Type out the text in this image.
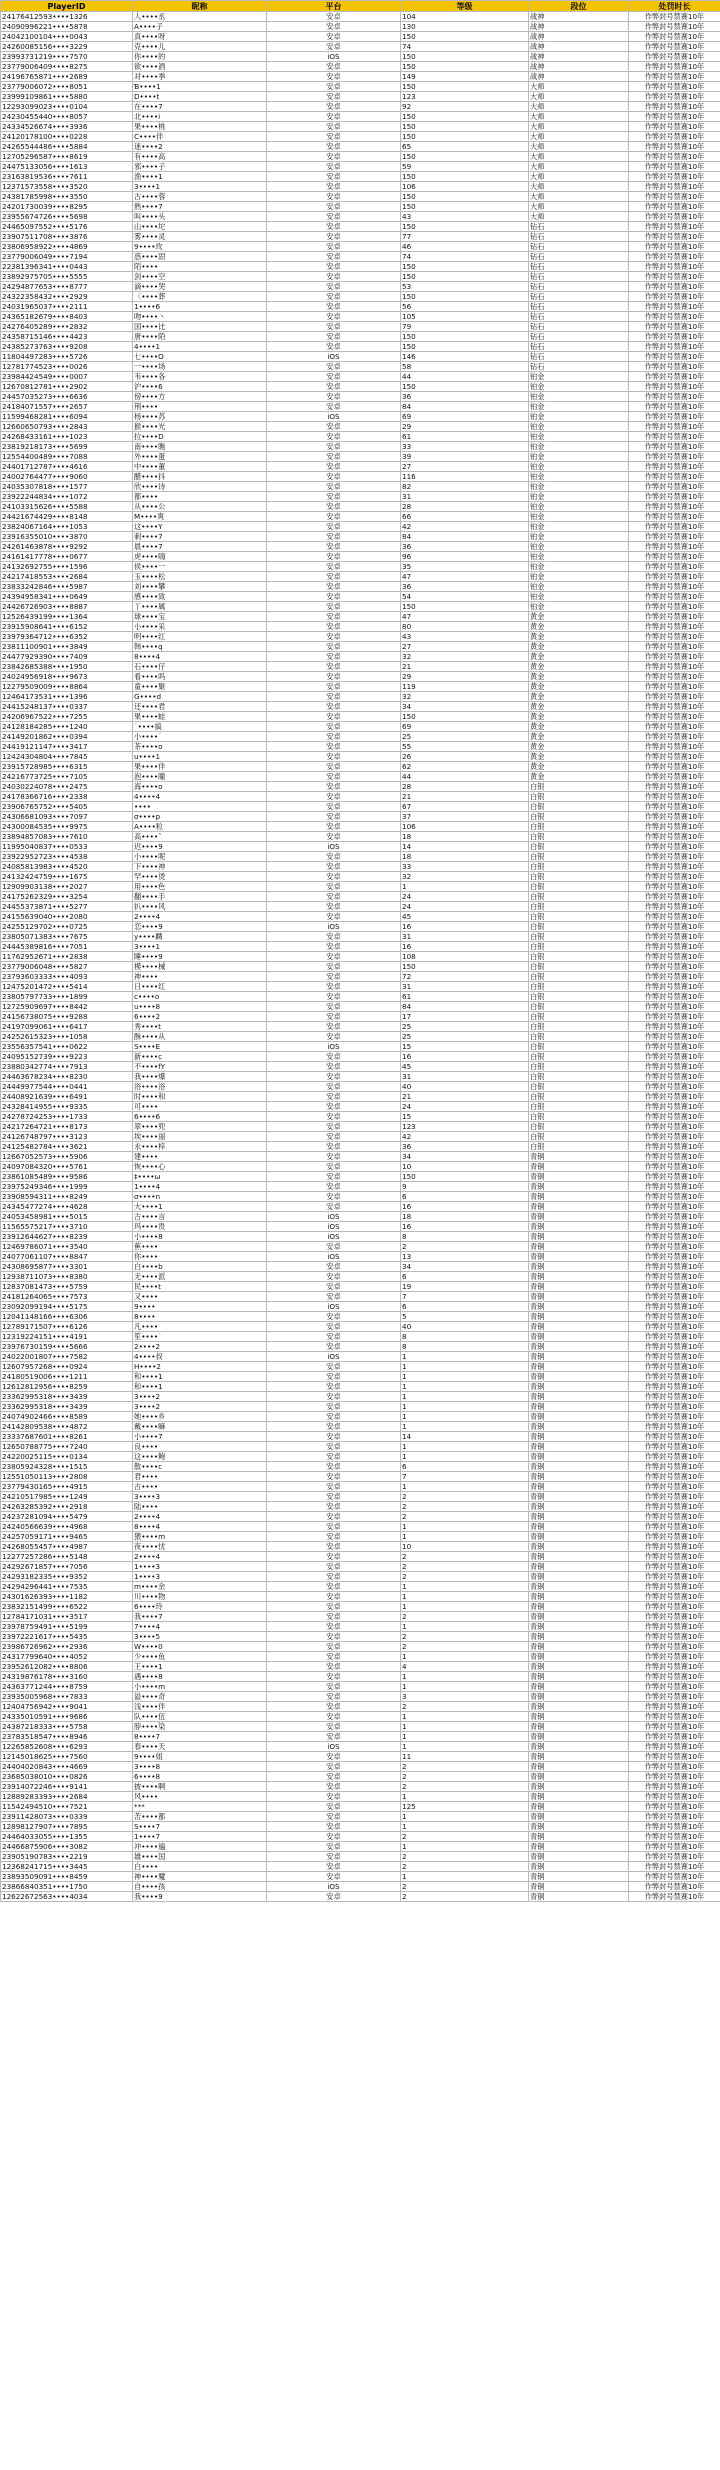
PlayerID	昵称	平台	等级	段位	处罚时长
2417641259​3••••1326	人••••丞	安卓	104	战神	作弊封号禁赛10年
2409099622​1••••5878	A••••子	安卓	130	战神	作弊封号禁赛10年
2404210010​4••••0043	真••••呀	安卓	150	战神	作弊封号禁赛10年
2426008515​6••••3229	克••••儿	安卓	74	战神	作弊封号禁赛10年
2399373121​9••••7570	你••••的	iOS	150	战神	作弊封号禁赛10年
2377900640​9••••8275	欲••••酒	安卓	150	战神	作弊封号禁赛10年
2419676587​1••••2689	对••••季	安卓	149	战神	作弊封号禁赛10年
2377900607​2••••8051	Ɓ••••1	安卓	150	大师	作弊封号禁赛10年
2399910986​1••••5880	D••••t	安卓	123	大师	作弊封号禁赛10年
1229309902​3••••0104	在••••7	安卓	92	大师	作弊封号禁赛10年
2423045544​0••••8057	北••••i	安卓	150	大师	作弊封号禁赛10年
2433452667​4••••3936	果••••桃	安卓	150	大师	作弊封号禁赛10年
2412017810​0••••0228	C••••伴	安卓	150	大师	作弊封号禁赛10年
2426554448​6••••5884	迷••••2	安卓	65	大师	作弊封号禁赛10年
1270529658​7••••8619	有••••高	安卓	150	大师	作弊封号禁赛10年
2447513305​6••••1613	邪••••子	安卓	59	大师	作弊封号禁赛10年
2316381953​6••••7611	渔••••1	安卓	150	大师	作弊封号禁赛10年
1237157355​8••••3520	3••••1	安卓	106	大师	作弊封号禁赛10年
2438178599​8••••3550	古••••蓉	安卓	150	大师	作弊封号禁赛10年
2420173003​9••••8295	熟••••7	安卓	150	大师	作弊封号禁赛10年
2395567472​6••••5698	叫••••头	安卓	43	大师	作弊封号禁赛10年
2446509755​2••••5176	山••••坨	安卓	150	钻石	作弊封号禁赛10年
2390751170​8••••3876	雾••••灵	安卓	77	钻石	作弊封号禁赛10年
2380695892​2••••4869	9••••玫	安卓	46	钻石	作弊封号禁赛10年
2377900604​9••••7194	惑••••固	安卓	74	钻石	作弊封号禁赛10年
2238139634​1••••0443	陌••••	安卓	150	钻石	作弊封号禁赛10年
2389297570​5••••5555	剑••••空	安卓	150	钻石	作弊封号禁赛10年
2429487765​3••••8777	滴••••哭	安卓	53	钻石	作弊封号禁赛10年
2432235843​2••••2929	〈••••葬	安卓	150	钻石	作弊封号禁赛10年
2403196503​7••••2111	1••••6	安卓	56	钻石	作弊封号禁赛10年
2436518267​9••••8403	吻••••丶	安卓	105	钻石	作弊封号禁赛10年
2427640528​9••••2832	国••••比	安卓	79	钻石	作弊封号禁赛10年
2435871514​6••••4423	唐••••陌	安卓	150	钻石	作弊封号禁赛10年
2438527376​3••••9208	4••••1	安卓	150	钻石	作弊封号禁赛10年
1180449728​3••••5726	七••••O	iOS	146	钻石	作弊封号禁赛10年
1278177452​3••••0026	一••••场	安卓	58	钻石	作弊封号禁赛10年
2398442454​9••••0007	韦••••各	安卓	44	铂金	作弊封号禁赛10年
1267081278​1••••2902	沪••••6	安卓	150	铂金	作弊封号禁赛10年
2445703527​3••••6636	傍••••方	安卓	36	铂金	作弊封号禁赛10年
2418407155​7••••2657	荆••••	安卓	84	铂金	作弊封号禁赛10年
1159946828​1••••6094	杨••••苏	iOS	69	铂金	作弊封号禁赛10年
1266065079​3••••2843	猴••••光	安卓	29	铂金	作弊封号禁赛10年
2426843316​1••••1023	拉••••D	安卓	61	铂金	作弊封号禁赛10年
2381921817​3••••5699	南••••瞧	安卓	33	铂金	作弊封号禁赛10年
1255440048​9••••7088	外••••蛋	安卓	39	铂金	作弊封号禁赛10年
2440171278​7••••4616	中••••董	安卓	27	铂金	作弊封号禁赛10年
2400276447​7••••9060	醋••••抖	安卓	116	铂金	作弊封号禁赛10年
2403530781​8••••1577	欣••••诗	安卓	82	铂金	作弊封号禁赛10年
2392224483​4••••1072	都••••	安卓	31	铂金	作弊封号禁赛10年
2410331562​6••••5588	从••••公	安卓	28	铂金	作弊封号禁赛10年
2442167442​9••••8148	M••••爽	安卓	66	铂金	作弊封号禁赛10年
2382406716​4••••1053	这••••Y	安卓	42	铂金	作弊封号禁赛10年
2391635501​0••••3870	刺••••7	安卓	84	铂金	作弊封号禁赛10年
2426146387​8••••9292	晨••••7	安卓	36	铂金	作弊封号禁赛10年
2416141777​8••••0677	虎••••嗨	安卓	96	铂金	作弊封号禁赛10年
2413269275​5••••1596	侯••••一	安卓	35	铂金	作弊封号禁赛10年
2421741855​3••••2684	玉••••松	安卓	47	铂金	作弊封号禁赛10年
2383324284​6••••5987	刘••••攀	安卓	36	铂金	作弊封号禁赛10年
2439495834​1••••0649	感••••致	安卓	54	铂金	作弊封号禁赛10年
2442672690​3••••8887	丫••••属	安卓	150	铂金	作弊封号禁赛10年
1252643919​9••••1364	球••••宝	安卓	47	黄金	作弊封号禁赛10年
2391590864​1••••6152	小••••采	安卓	80	黄金	作弊封号禁赛10年
2397936471​2••••6352	明••••红	安卓	43	黄金	作弊封号禁赛10年
2381110090​1••••3849	韩••••q	安卓	27	黄金	作弊封号禁赛10年
2447792939​0••••7409	8••••4	安卓	32	黄金	作弊封号禁赛10年
2384268538​8••••1950	石••••仔	安卓	21	黄金	作弊封号禁赛10年
2402495691​8••••9673	看••••吗	安卓	29	黄金	作弊封号禁赛10年
1227950900​9••••8864	童••••聚	安卓	119	黄金	作弊封号禁赛10年
1246417353​1••••1396	G••••d	安卓	32	黄金	作弊封号禁赛10年
2441524813​7••••0337	还••••君	安卓	34	黄金	作弊封号禁赛10年
2420696752​2••••7255	果••••蛙	安卓	150	黄金	作弊封号禁赛10年
2412818428​5••••1240	˙••••搞	安卓	69	黄金	作弊封号禁赛10年
2414920186​2••••0394	小••••˙	安卓	25	黄金	作弊封号禁赛10年
2441912114​7••••3417	茶••••o	安卓	55	黄金	作弊封号禁赛10年
1242430480​4••••7845	u••••1	安卓	26	黄金	作弊封号禁赛10年
2391572898​5••••6315	果••••伴	安卓	62	黄金	作弊封号禁赛10年
2421677372​5••••7105	泡••••瞳	安卓	44	黄金	作弊封号禁赛10年
2403022407​8••••2475	海••••o	安卓	28	白银	作弊封号禁赛10年
2417836671​6••••2338	4••••4	安卓	21	白银	作弊封号禁赛10年
2390676575​2••••5405	••••	安卓	67	白银	作弊封号禁赛10年
2430668109​3••••7097	σ••••p	安卓	37	白银	作弊封号禁赛10年
2430008453​5••••9975	A••••粒	安卓	106	白银	作弊封号禁赛10年
2389485708​3••••7610	高••••ˇ	安卓	18	白银	作弊封号禁赛10年
1199504083​7••••0533	迟••••9	iOS	14	白银	作弊封号禁赛10年
2392295272​3••••4538	小••••呢	安卓	18	白银	作弊封号禁赛10年
2408581398​3••••4520	下••••神	安卓	33	白银	作弊封号禁赛10年
2413242475​9••••1675	罕••••烫	安卓	32	白银	作弊封号禁赛10年
1290990313​8••••2027	用••••色	安卓	1	白银	作弊封号禁赛10年
2417526232​9••••3254	翻••••手	安卓	24	白银	作弊封号禁赛10年
2445537387​1••••5277	扒••••风	安卓	24	白银	作弊封号禁赛10年
2415563904​0••••2080	2••••4	安卓	45	白银	作弊封号禁赛10年
2425512970​2••••0725	恋••••9	iOS	16	白银	作弊封号禁赛10年
2380507138​3••••7675	y••••麟	安卓	31	白银	作弊封号禁赛10年
2444538981​6••••7051	3••••1	安卓	16	白银	作弊封号禁赛10年
1176295267​1••••2838	睡••••9	安卓	108	白银	作弊封号禁赛10年
2377900604​8••••5827	模••••械	安卓	150	白银	作弊封号禁赛10年
2379360333​3••••4093	神••••	安卓	72	白银	作弊封号禁赛10年
1247520147​2••••5414	日••••红	安卓	31	白银	作弊封号禁赛10年
2380579773​3••••1899	c••••o	安卓	61	白银	作弊封号禁赛10年
1272590969​7••••8442	u••••8	安卓	84	白银	作弊封号禁赛10年
2415673807​5••••9288	6••••2	安卓	17	白银	作弊封号禁赛10年
2419709906​1••••6417	秀••••t	安卓	25	白银	作弊封号禁赛10年
2425261532​3••••1058	酥••••从	安卓	25	白银	作弊封号禁赛10年
2355635754​1••••0622	S••••E	iOS	15	白银	作弊封号禁赛10年
2409515273​9••••9223	新••••c	安卓	16	白银	作弊封号禁赛10年
2388034277​4••••7913	不••••fY	安卓	45	白银	作弊封号禁赛10年
2446367823​4••••8230	我••••爆	安卓	31	白银	作弊封号禁赛10年
2444997754​4••••0441	浴••••浴	安卓	40	白银	作弊封号禁赛10年
2440892163​9••••6491	时••••和	安卓	21	白银	作弊封号禁赛10年
2432841495​5••••9335	可••••	安卓	24	白银	作弊封号禁赛10年
2427872425​3••••1733	6••••6	安卓	15	白银	作弊封号禁赛10年
2421726472​1••••8173	翠••••兜	安卓	123	白银	作弊封号禁赛10年
2412674879​7••••3123	埃••••丽	安卓	42	白银	作弊封号禁赛10年
2412548278​4••••3621	永••••梓	安卓	36	白银	作弊封号禁赛10年
1266705257​3••••5906	建••••	安卓	34	青铜	作弊封号禁赛10年
2409708432​0••••5761	恢••••心	安卓	10	青铜	作弊封号禁赛10年
2386108548​9••••9586	‡••••ω	安卓	150	青铜	作弊封号禁赛10年
2397524934​6••••1999	1••••4	安卓	9	青铜	作弊封号禁赛10年
2390859431​1••••8249	σ••••n	安卓	6	青铜	作弊封号禁赛10年
2434547727​4••••4628	大••••1	安卓	16	青铜	作弊封号禁赛10年
2405345898​1••••5015	古••••言	iOS	18	青铜	作弊封号禁赛10年
1156557521​7••••3710	玛••••贵	iOS	16	青铜	作弊封号禁赛10年
2391264462​7••••8239	小••••8	iOS	8	青铜	作弊封号禁赛10年
1246978607​1••••3540	蕉••••	安卓	2	青铜	作弊封号禁赛10年
2407706110​7••••8847	你••••	iOS	13	青铜	作弊封号禁赛10年
2430869587​7••••3301	白••••b	安卓	34	青铜	作弊封号禁赛10年
1293871107​3••••8380	无••••派	安卓	6	青铜	作弊封号禁赛10年
1283708147​3••••5759	民••••t	安卓	19	青铜	作弊封号禁赛10年
2418126406​5••••7573	又••••	安卓	7	青铜	作弊封号禁赛10年
2309209919​4••••5175	9••••	iOS	6	青铜	作弊封号禁赛10年
1204114816​6••••6306	8••••	安卓	5	青铜	作弊封号禁赛10年
1278917150​7••••6126	凡••••	安卓	40	青铜	作弊封号禁赛10年
1231922415​1••••4191	笙••••˙	安卓	8	青铜	作弊封号禁赛10年
2397673015​9••••5666	2••••2	安卓	8	青铜	作弊封号禁赛10年
2402200180​7••••7582	4••••叔	iOS	1	青铜	作弊封号禁赛10年
1260795726​8••••0924	H••••2	安卓	1	青铜	作弊封号禁赛10年
2418051900​6••••1211	和••••1	安卓	1	青铜	作弊封号禁赛10年
1261281295​6••••8259	和••••1	安卓	1	青铜	作弊封号禁赛10年
2336299531​8••••3439	3••••2	安卓	1	青铜	作弊封号禁赛10年
2336299531​8••••3439	3••••2	安卓	1	青铜	作弊封号禁赛10年
2407490246​6••••8589	她••••乡	安卓	1	青铜	作弊封号禁赛10年
2414280953​8••••4872	戴••••嘛	安卓	1	青铜	作弊封号禁赛10年
2333768760​1••••8261	小••••7	安卓	14	青铜	作弊封号禁赛10年
1265078877​5••••7240	良••••	安卓	1	青铜	作弊封号禁赛10年
2422002511​5••••0134	这••••鲍	安卓	1	青铜	作弊封号禁赛10年
2380592432​8••••1515	散••••c	安卓	6	青铜	作弊封号禁赛10年
1255105011​3••••2808	君••••	安卓	7	青铜	作弊封号禁赛10年
2377943016​5••••4915	古••••	安卓	1	青铜	作弊封号禁赛10年
2421051798​5••••1249	3••••3	安卓	2	青铜	作弊封号禁赛10年
2426328539​2••••2918	陆••••	安卓	2	青铜	作弊封号禁赛10年
2423728109​4••••5479	2••••4	安卓	2	青铜	作弊封号禁赛10年
2424056663​9••••4968	8••••4	安卓	1	青铜	作弊封号禁赛10年
2425705917​1••••9465	猥••••m	安卓	1	青铜	作弊封号禁赛10年
2426805545​7••••4987	夜••••忧	安卓	10	青铜	作弊封号禁赛10年
1227725728​6••••5148	2••••4	安卓	2	青铜	作弊封号禁赛10年
2429267185​7••••7056	1••••3	安卓	2	青铜	作弊封号禁赛10年
2429318233​5••••9352	1••••3	安卓	2	青铜	作弊封号禁赛10年
2429429644​1••••7535	m••••余	安卓	1	青铜	作弊封号禁赛10年
2430162639​3••••1182	川••••物	安卓	1	青铜	作弊封号禁赛10年
2383215149​9••••6522	6••••玲	安卓	1	青铜	作弊封号禁赛10年
1278417103​1••••3517	我••••7	安卓	2	青铜	作弊封号禁赛10年
2397875949​1••••5199	7••••4	安卓	1	青铜	作弊封号禁赛10年
2397222161​7••••5435	3••••5	安卓	2	青铜	作弊封号禁赛10年
2398672696​2••••2936	W••••0	安卓	2	青铜	作弊封号禁赛10年
2431779964​0••••4052	少••••鱼	安卓	1	青铜	作弊封号禁赛10年
2395261208​2••••8806	王••••1	安卓	4	青铜	作弊封号禁赛10年
2431987617​8••••3160	遇••••8	安卓	1	青铜	作弊封号禁赛10年
2436377124​4••••8759	小••••m	安卓	1	青铜	作弊封号禁赛10年
2393500596​8••••7833	溢••••奇	安卓	3	青铜	作弊封号禁赛10年
1240475694​2••••9041	浅••••伴	安卓	2	青铜	作弊封号禁赛10年
2433501059​1••••9686	队••••伍	安卓	1	青铜	作弊封号禁赛10年
2438721833​3••••5758	脖••••染	安卓	1	青铜	作弊封号禁赛10年
2378351854​7••••8946	8••••7	安卓	1	青铜	作弊封号禁赛10年
1226585260​8••••6293	春••••天	iOS	1	青铜	作弊封号禁赛10年
1214501862​5••••7560	9••••姐	安卓	11	青铜	作弊封号禁赛10年
2440402084​3••••4669	3••••8	安卓	2	青铜	作弊封号禁赛10年
2368503801​0••••0826	6••••8	安卓	2	青铜	作弊封号禁赛10年
2391407224​6••••9141	披••••啊	安卓	2	青铜	作弊封号禁赛10年
1288928339​3••••2684	风••••	安卓	1	青铜	作弊封号禁赛10年
1154249451​0••••7521	***	安卓	125	青铜	作弊封号禁赛10年
2391142807​3••••0339	苦••••都	安卓	1	青铜	作弊封号禁赛10年
1289812790​7••••7895	S••••7	安卓	1	青铜	作弊封号禁赛10年
2446403305​5••••1355	1••••7	安卓	2	青铜	作弊封号禁赛10年
2446687590​6••••3082	冲••••遍	安卓	1	青铜	作弊封号禁赛10年
2390519078​3••••2219	雄••••国	安卓	2	青铜	作弊封号禁赛10年
1236824171​5••••3445	白••••	安卓	2	青铜	作弊封号禁赛10年
2389350909​1••••8459	神••••魔	安卓	1	青铜	作弊封号禁赛10年
2386684035​1••••1750	自••••孩	iOS	2	青铜	作弊封号禁赛10年
1262267256​3••••4034	我••••9	安卓	2	青铜	作弊封号禁赛10年
